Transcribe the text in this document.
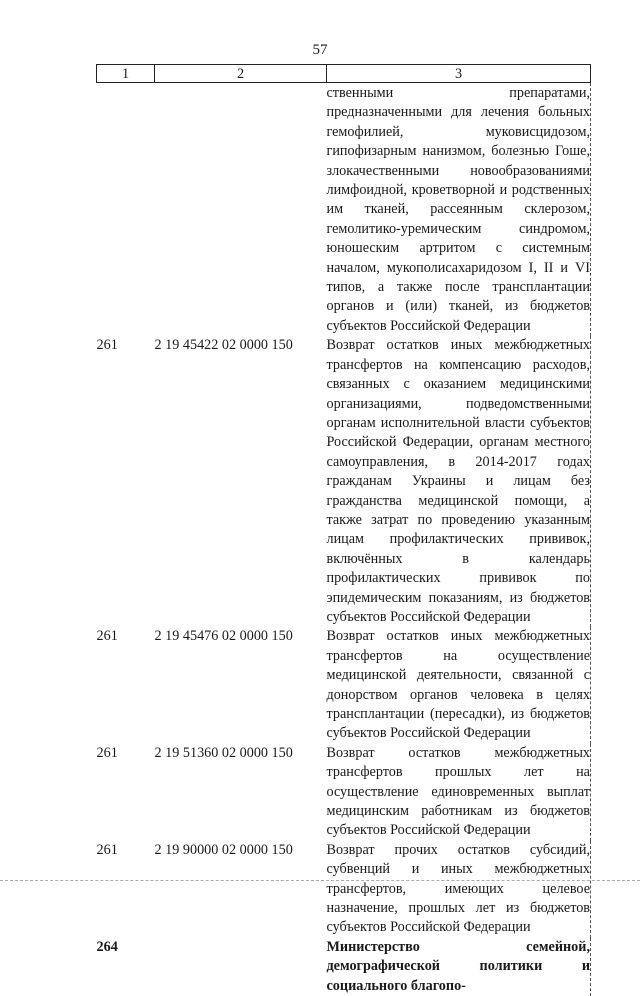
57
1	2	3
		ственными препаратами, предназначенными для лечения больных гемофилией, муковисцидозом, гипофизарным нанизмом, болезнью Гоше, злокачественными новообразованиями лимфоидной, кроветворной и родственных им тканей, рассеянным склерозом, гемолитико-уремическим синдромом, юношеским артритом с системным началом, мукополисахаридозом I, II и VI типов, а также после трансплантации органов и (или) тканей, из бюджетов субъектов Российской Федерации
261	2 19 45422 02 0000 150	Возврат остатков иных межбюджетных трансфертов на компенсацию расходов, связанных с оказанием медицинскими организациями, подведомственными органам исполнительной власти субъектов Российской Федерации, органам местного самоуправления, в 2014-2017 годах гражданам Украины и лицам без гражданства медицинской помощи, а также затрат по проведению указанным лицам профилактических прививок, включённых в календарь профилактических прививок по эпидемическим показаниям, из бюджетов субъектов Российской Федерации
261	2 19 45476 02 0000 150	Возврат остатков иных межбюджетных трансфертов на осуществление медицинской деятельности, связанной с донорством органов человека в целях трансплантации (пересадки), из бюджетов субъектов Российской Федерации
261	2 19 51360 02 0000 150	Возврат остатков межбюджетных трансфертов прошлых лет на осуществление единовременных выплат медицинским работникам из бюджетов субъектов Российской Федерации
261	2 19 90000 02 0000 150	Возврат прочих остатков субсидий, субвенций и иных межбюджетных трансфертов, имеющих целевое назначение, прошлых лет из бюджетов субъектов Российской Федерации
264		Министерство семейной, демографической политики и социального благопо-
